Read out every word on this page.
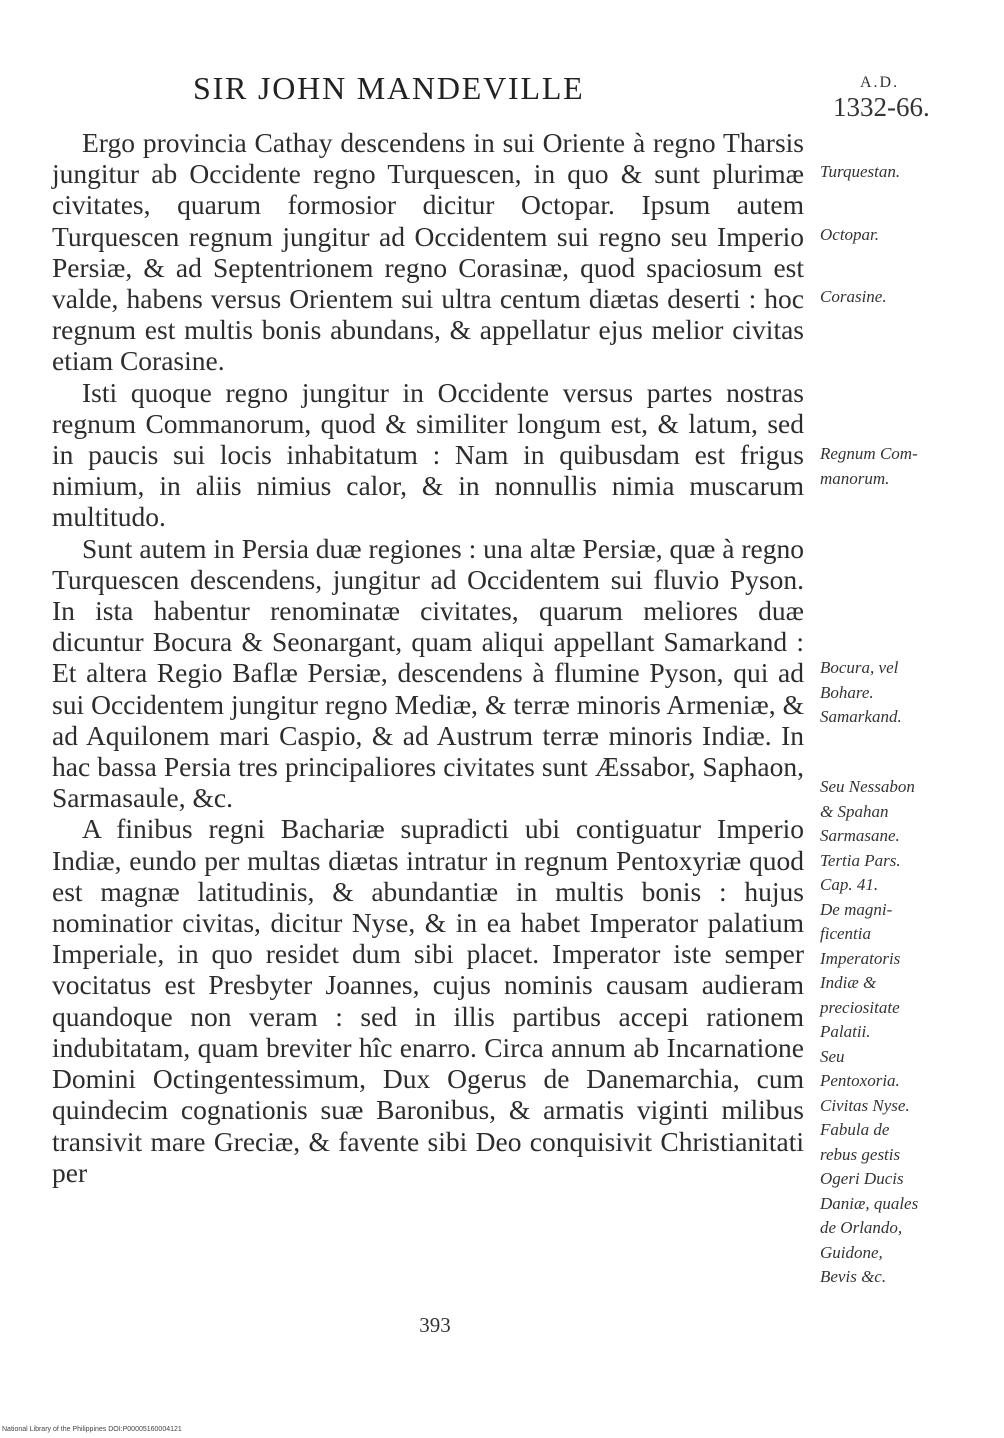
SIR JOHN MANDEVILLE	A.D.
1332-66.

Ergo provincia Cathay descendens in sui Oriente à regno Tharsis jungitur ab Occidente regno Turquescen, in quo & sunt plurimæ civitates, quarum formosior dicitur Octopar. Ipsum autem Turquescen regnum jungitur ad Occidentem sui regno seu Imperio Persiæ, & ad Septentrionem regno Corasinæ, quod spaciosum est valde, habens versus Orientem sui ultra centum diætas deserti : hoc regnum est multis bonis abundans, & appellatur ejus melior civitas etiam Corasine.

Isti quoque regno jungitur in Occidente versus partes nostras regnum Commanorum, quod & similiter longum est, & latum, sed in paucis sui locis inhabitatum : Nam in quibusdam est frigus nimium, in aliis nimius calor, & in nonnullis nimia muscarum multitudo.

Sunt autem in Persia duæ regiones : una altæ Persiæ, quæ à regno Turquescen descendens, jungitur ad Occidentem sui fluvio Pyson. In ista habentur renominatæ civitates, quarum meliores duæ dicuntur Bocura & Seonargant, quam aliqui appellant Samarkand : Et altera Regio Baflæ Persiæ, descendens à flumine Pyson, qui ad sui Occidentem jungitur regno Mediæ, & terræ minoris Armeniæ, & ad Aquilonem mari Caspio, & ad Austrum terræ minoris Indiæ. In hac bassa Persia tres principaliores civitates sunt Æssabor, Saphaon, Sarmasaule, &c.

A finibus regni Bachariæ supradicti ubi contiguatur Imperio Indiæ, eundo per multas diætas intratur in regnum Pentoxyriæ quod est magnæ latitudinis, & abundantiæ in multis bonis : hujus nominatior civitas, dicitur Nyse, & in ea habet Imperator palatium Imperiale, in quo residet dum sibi placet. Imperator iste semper vocitatus est Presbyter Joannes, cujus nominis causam audieram quandoque non veram : sed in illis partibus accepi rationem indubitatam, quam breviter hîc enarro. Circa annum ab Incarnatione Domini Octingentessimum, Dux Ogerus de Danemarchia, cum quindecim cognationis suæ Baronibus, & armatis viginti milibus transivit mare Greciæ, & favente sibi Deo conquisivit Christianitati per

Turquestan.
Octopar.
Corasine.
Regnum Com-
manorum.
Bocura, vel
Bohare.
Samarkand.
Seu Nessabon
& Spahan
Sarmasane.
Tertia Pars.
Cap. 41.
De magni-
ficentia
Imperatoris
Indiæ &
preciositate
Palatii.
Seu
Pentoxoria.
Civitas Nyse.
Fabula de
rebus gestis
Ogeri Ducis
Daniæ, quales
de Orlando,
Guidone,
Bevis &c.
393
National Library of the Philippines DOI:P00005160004121
